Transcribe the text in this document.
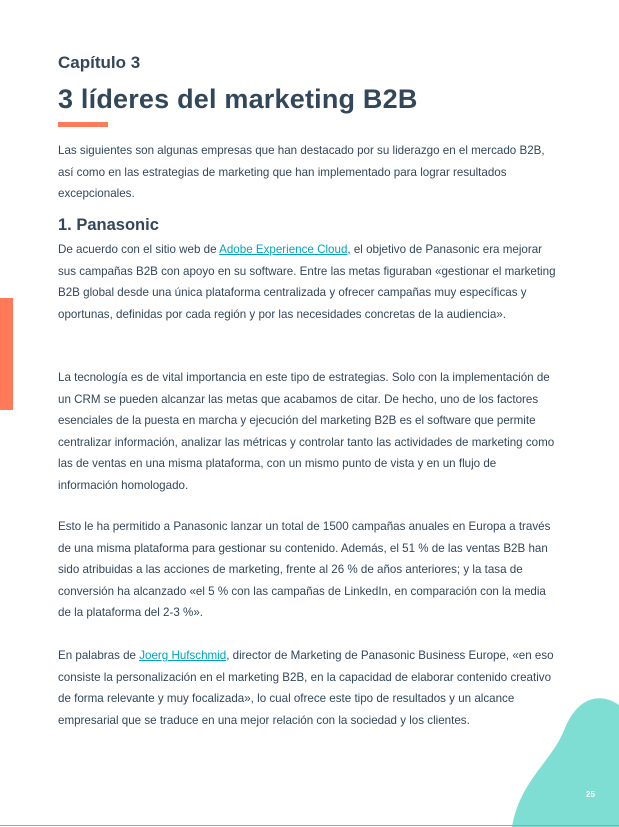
Capítulo 3
3 líderes del marketing B2B

Las siguientes son algunas empresas que han destacado por su liderazgo en el mercado B2B, así como en las estrategias de marketing que han implementado para lograr resultados excepcionales.

1. Panasonic

De acuerdo con el sitio web de Adobe Experience Cloud, el objetivo de Panasonic era mejorar sus campañas B2B con apoyo en su software. Entre las metas figuraban «gestionar el marketing B2B global desde una única plataforma centralizada y ofrecer campañas muy específicas y oportunas, definidas por cada región y por las necesidades concretas de la audiencia».

La tecnología es de vital importancia en este tipo de estrategias. Solo con la implementación de un CRM se pueden alcanzar las metas que acabamos de citar. De hecho, uno de los factores esenciales de la puesta en marcha y ejecución del marketing B2B es el software que permite centralizar información, analizar las métricas y controlar tanto las actividades de marketing como las de ventas en una misma plataforma, con un mismo punto de vista y en un flujo de información homologado.

Esto le ha permitido a Panasonic lanzar un total de 1500 campañas anuales en Europa a través de una misma plataforma para gestionar su contenido. Además, el 51 % de las ventas B2B han sido atribuidas a las acciones de marketing, frente al 26 % de años anteriores; y la tasa de conversión ha alcanzado «el 5 % con las campañas de LinkedIn, en comparación con la media de la plataforma del 2-3 %».

En palabras de Joerg Hufschmid, director de Marketing de Panasonic Business Europe, «en eso consiste la personalización en el marketing B2B, en la capacidad de elaborar contenido creativo de forma relevante y muy focalizada», lo cual ofrece este tipo de resultados y un alcance empresarial que se traduce en una mejor relación con la sociedad y los clientes.

25
